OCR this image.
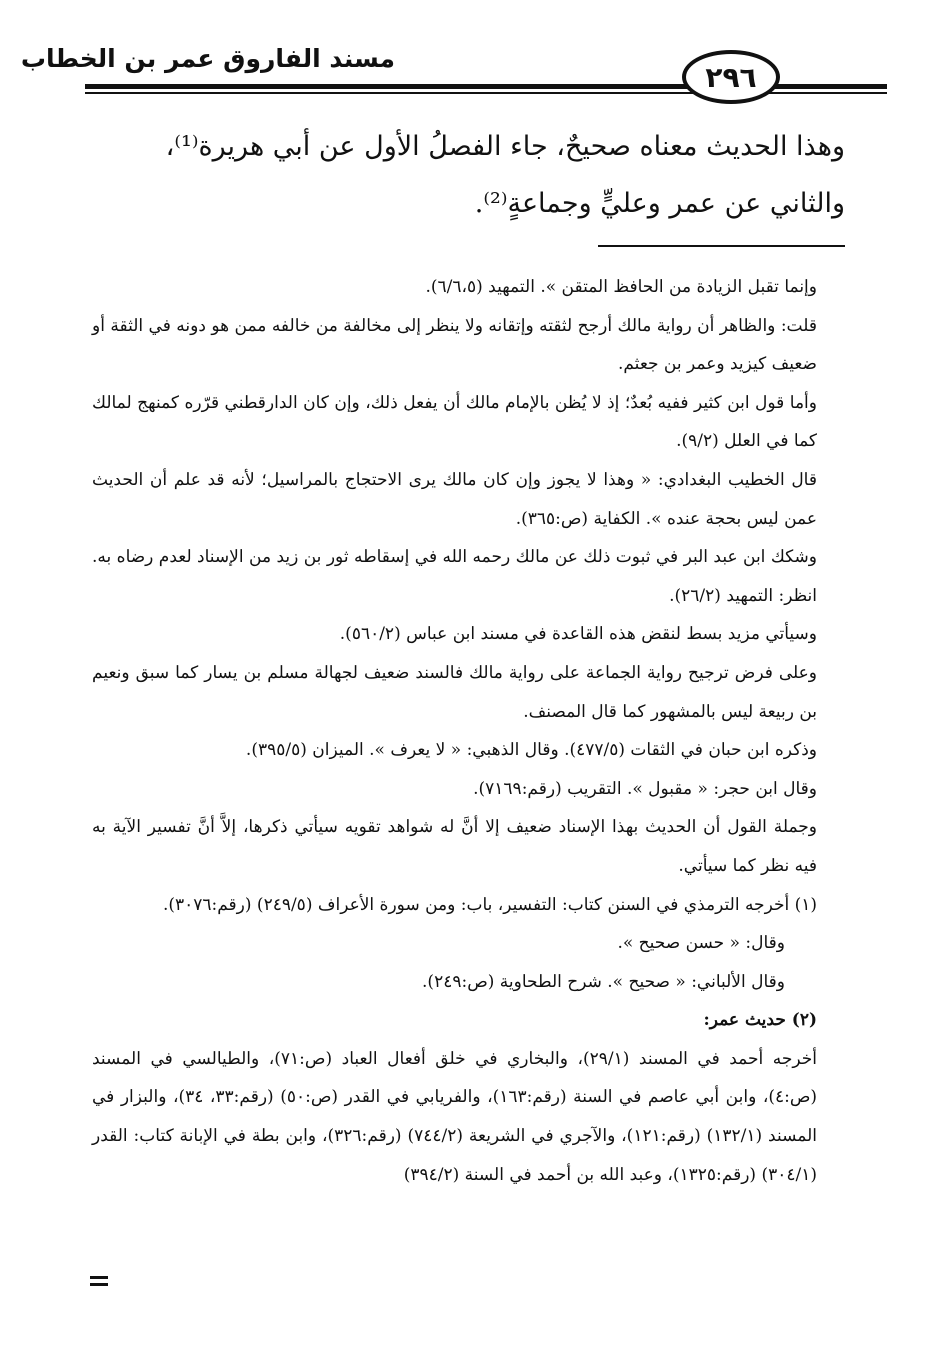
مسند الفاروق عمر بن الخطاب
٢٩٦

وهذا الحديث معناه صحيحٌ، جاء الفصلُ الأول عن أبي هريرة⁽¹⁾،

والثاني عن عمر وعليٍّ وجماعةٍ⁽²⁾.

وإنما تقبل الزيادة من الحافظ المتقن ». التمهيد (٦/٦،٥).

قلت: والظاهر أن رواية مالك أرجح لثقته وإتقانه ولا ينظر إلى مخالفة من خالفه ممن هو دونه في الثقة أو ضعيف كيزيد وعمر بن جعثم.

وأما قول ابن كثير ففيه بُعدٌ؛ إذ لا يُظن بالإمام مالك أن يفعل ذلك، وإن كان الدارقطني قرّره كمنهج لمالك كما في العلل (٩/٢).

قال الخطيب البغدادي: « وهذا لا يجوز وإن كان مالك يرى الاحتجاج بالمراسيل؛ لأنه قد علم أن الحديث عمن ليس بحجة عنده ». الكفاية (ص:٣٦٥).

وشكك ابن عبد البر في ثبوت ذلك عن مالك رحمه الله في إسقاطه ثور بن زيد من الإسناد لعدم رضاه به. انظر: التمهيد (٢٦/٢).

وسيأتي مزيد بسط لنقض هذه القاعدة في مسند ابن عباس (٥٦٠/٢).

وعلى فرض ترجيح رواية الجماعة على رواية مالك فالسند ضعيف لجهالة مسلم بن يسار كما سبق ونعيم بن ربيعة ليس بالمشهور كما قال المصنف.

وذكره ابن حبان في الثقات (٤٧٧/٥). وقال الذهبي: « لا يعرف ». الميزان (٣٩٥/٥).

وقال ابن حجر: « مقبول ». التقريب (رقم:٧١٦٩).

وجملة القول أن الحديث بهذا الإسناد ضعيف إلا أنَّ له شواهد تقويه سيأتي ذكرها، إلاَّ أنَّ تفسير الآية به فيه نظر كما سيأتي.

(١) أخرجه الترمذي في السنن كتاب: التفسير، باب: ومن سورة الأعراف (٢٤٩/٥) (رقم:٣٠٧٦).

وقال: « حسن صحيح ».

وقال الألباني: « صحيح ». شرح الطحاوية (ص:٢٤٩).

(٢) حديث عمر:

أخرجه أحمد في المسند (٢٩/١)، والبخاري في خلق أفعال العباد (ص:٧١)، والطيالسي في المسند (ص:٤)، وابن أبي عاصم في السنة (رقم:١٦٣)، والفريابي في القدر (ص:٥٠) (رقم:٣٣، ٣٤)، والبزار في المسند (١٣٢/١) (رقم:١٢١)، والآجري في الشريعة (٧٤٤/٢) (رقم:٣٢٦)، وابن بطة في الإبانة كتاب: القدر (٣٠٤/١) (رقم:١٣٢٥)، وعبد الله بن أحمد في السنة (٣٩٤/٢)
